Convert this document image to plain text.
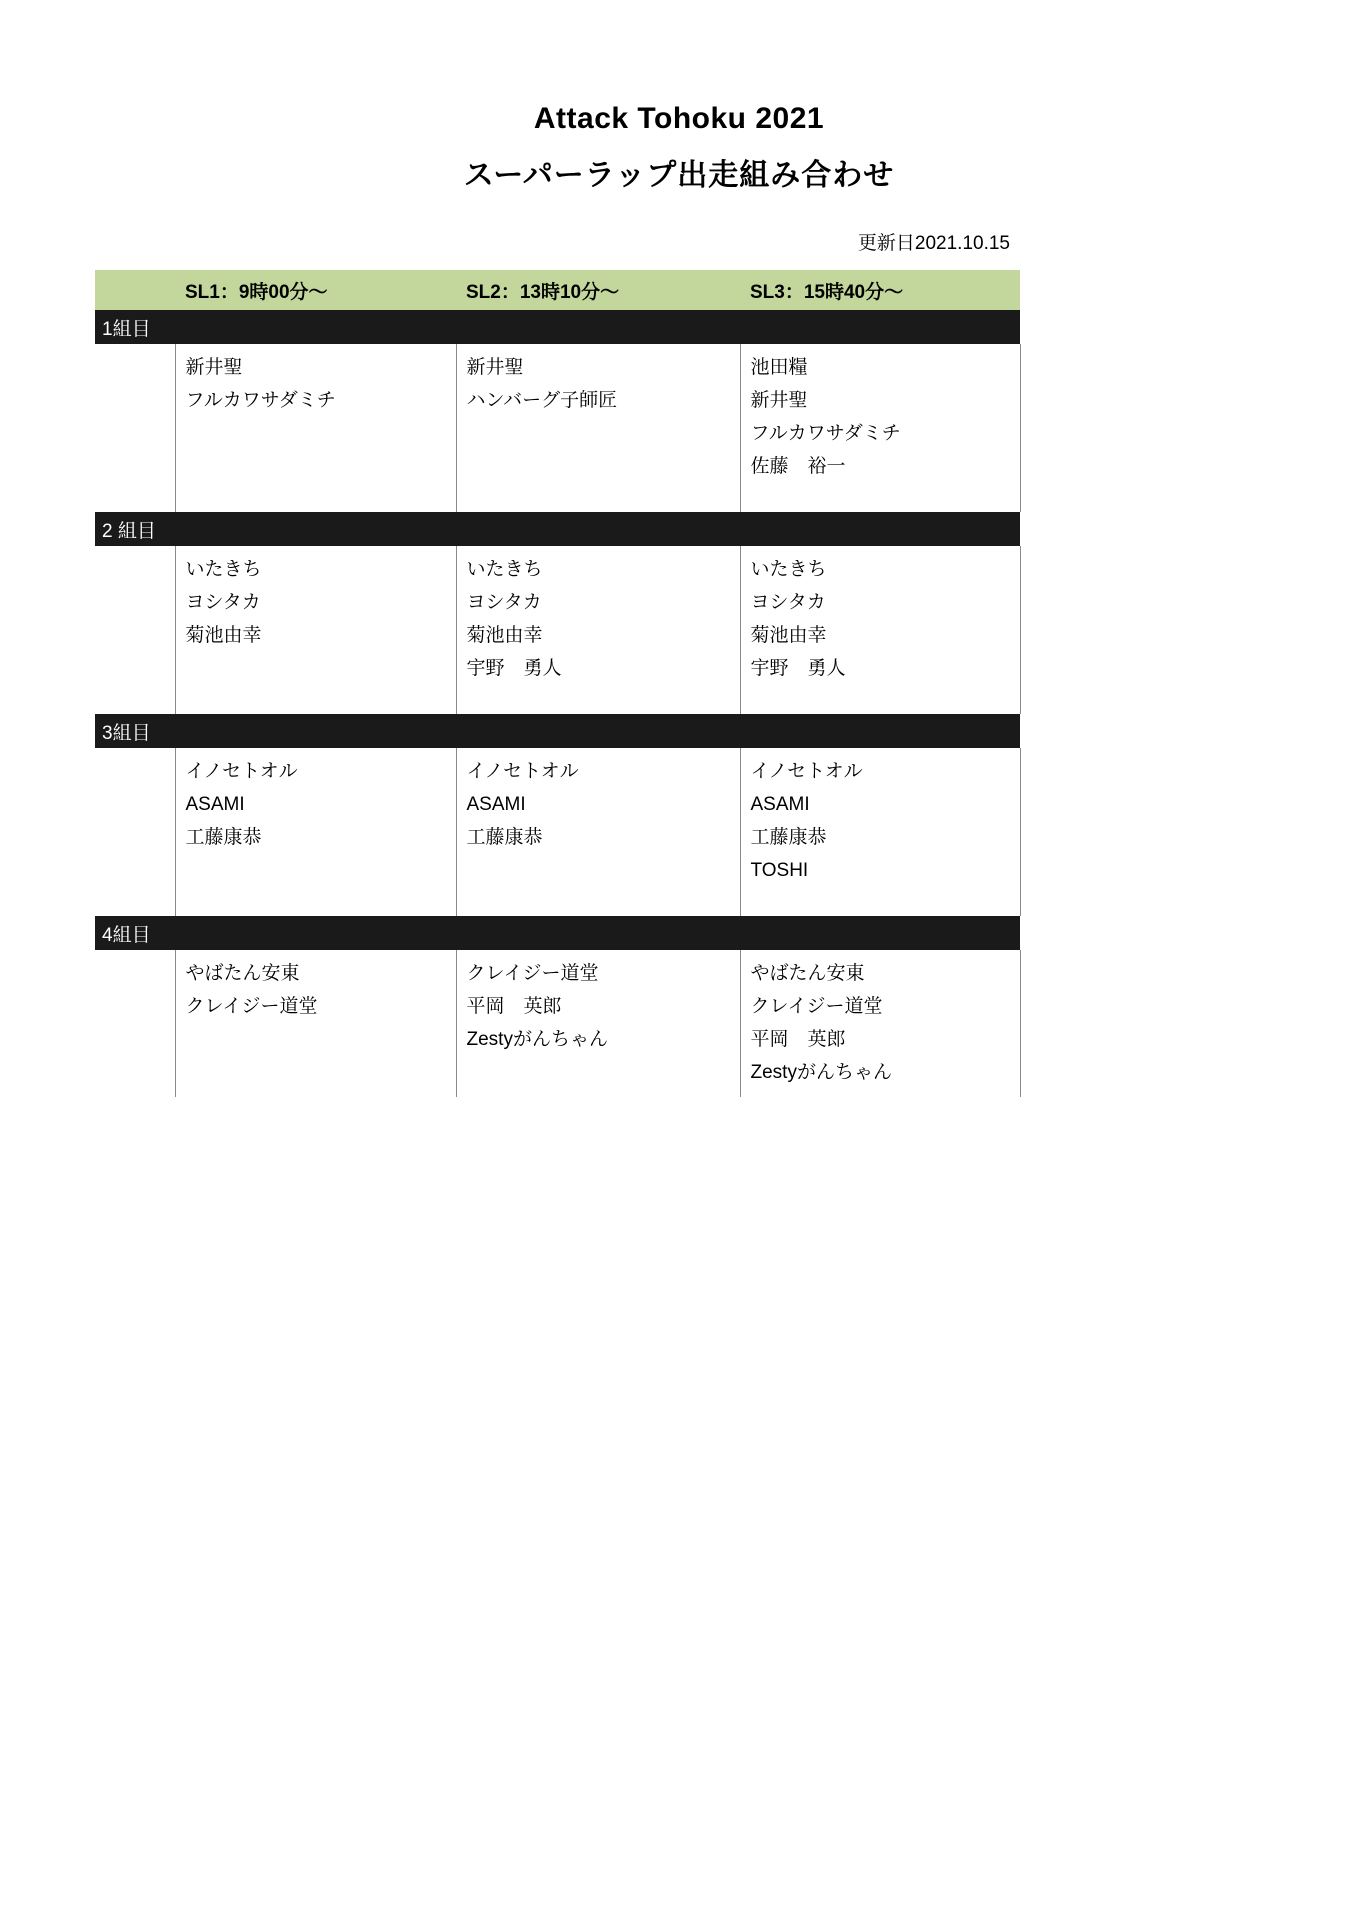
Attack Tohoku 2021
スーパーラップ出走組み合わせ
更新日2021.10.15
	SL1：9時00分〜	SL2：13時10分〜	SL3：15時40分〜
1組目			

新井聖
フルカワサダミチ

新井聖
ハンバーグ子師匠

池田糧
新井聖
フルカワサダミチ
佐藤　裕一

2 組目			

いたきち
ヨシタカ
菊池由幸

いたきち
ヨシタカ
菊池由幸
宇野　勇人

いたきち
ヨシタカ
菊池由幸
宇野　勇人

3組目			

イノセトオル
ASAMI
工藤康恭

イノセトオル
ASAMI
工藤康恭

イノセトオル
ASAMI
工藤康恭
TOSHI

4組目			

やばたん安東
クレイジー道堂

クレイジー道堂
平岡　英郎
Zestyがんちゃん

やばたん安東
クレイジー道堂
平岡　英郎
Zestyがんちゃん
